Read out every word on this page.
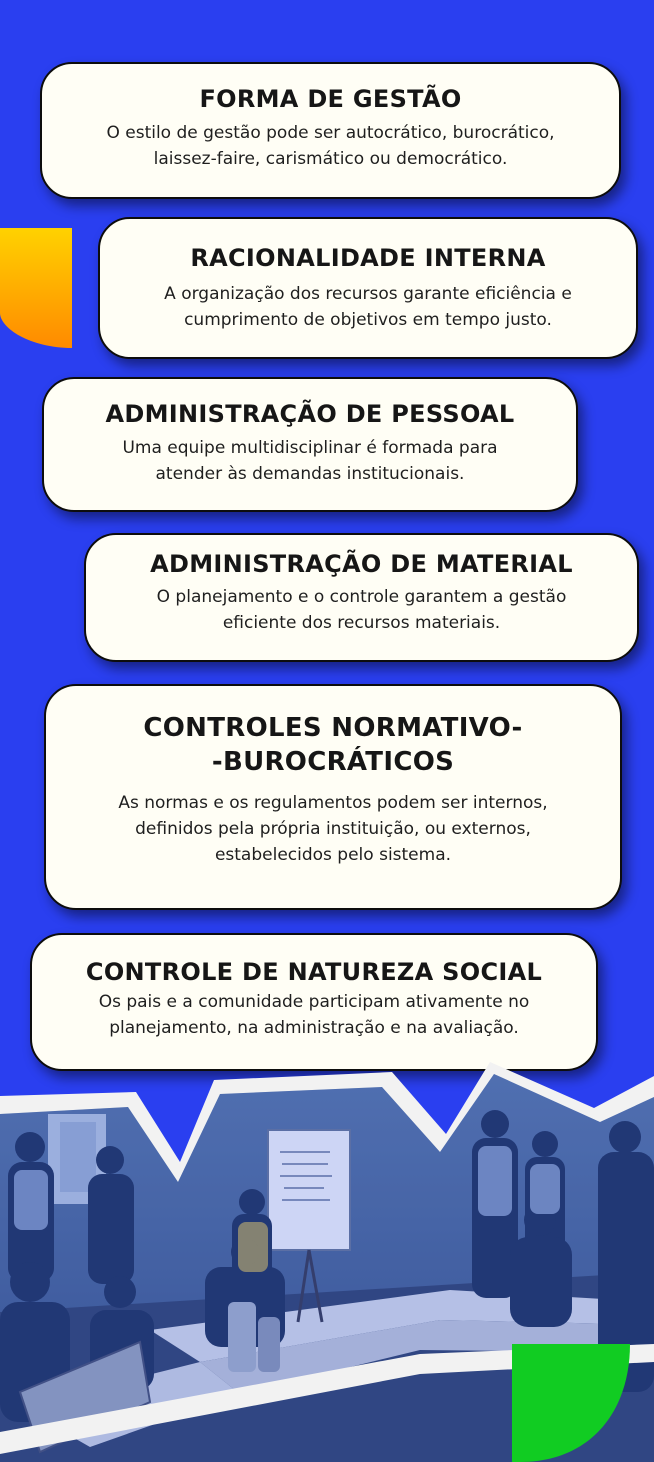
FORMA DE GESTÃO

O estilo de gestão pode ser autocrático, burocrático,
laissez-faire, carismático ou democrático.

RACIONALIDADE INTERNA

A organização dos recursos garante eficiência e
cumprimento de objetivos em tempo justo.

ADMINISTRAÇÃO DE PESSOAL

Uma equipe multidisciplinar é formada para
atender às demandas institucionais.

ADMINISTRAÇÃO DE MATERIAL

O planejamento e o controle garantem a gestão
eficiente dos recursos materiais.

CONTROLES NORMATIVO-
-BUROCRÁTICOS

As normas e os regulamentos podem ser internos,
definidos pela própria instituição, ou externos,
estabelecidos pelo sistema.

CONTROLE DE NATUREZA SOCIAL

Os pais e a comunidade participam ativamente no
planejamento, na administração e na avaliação.
